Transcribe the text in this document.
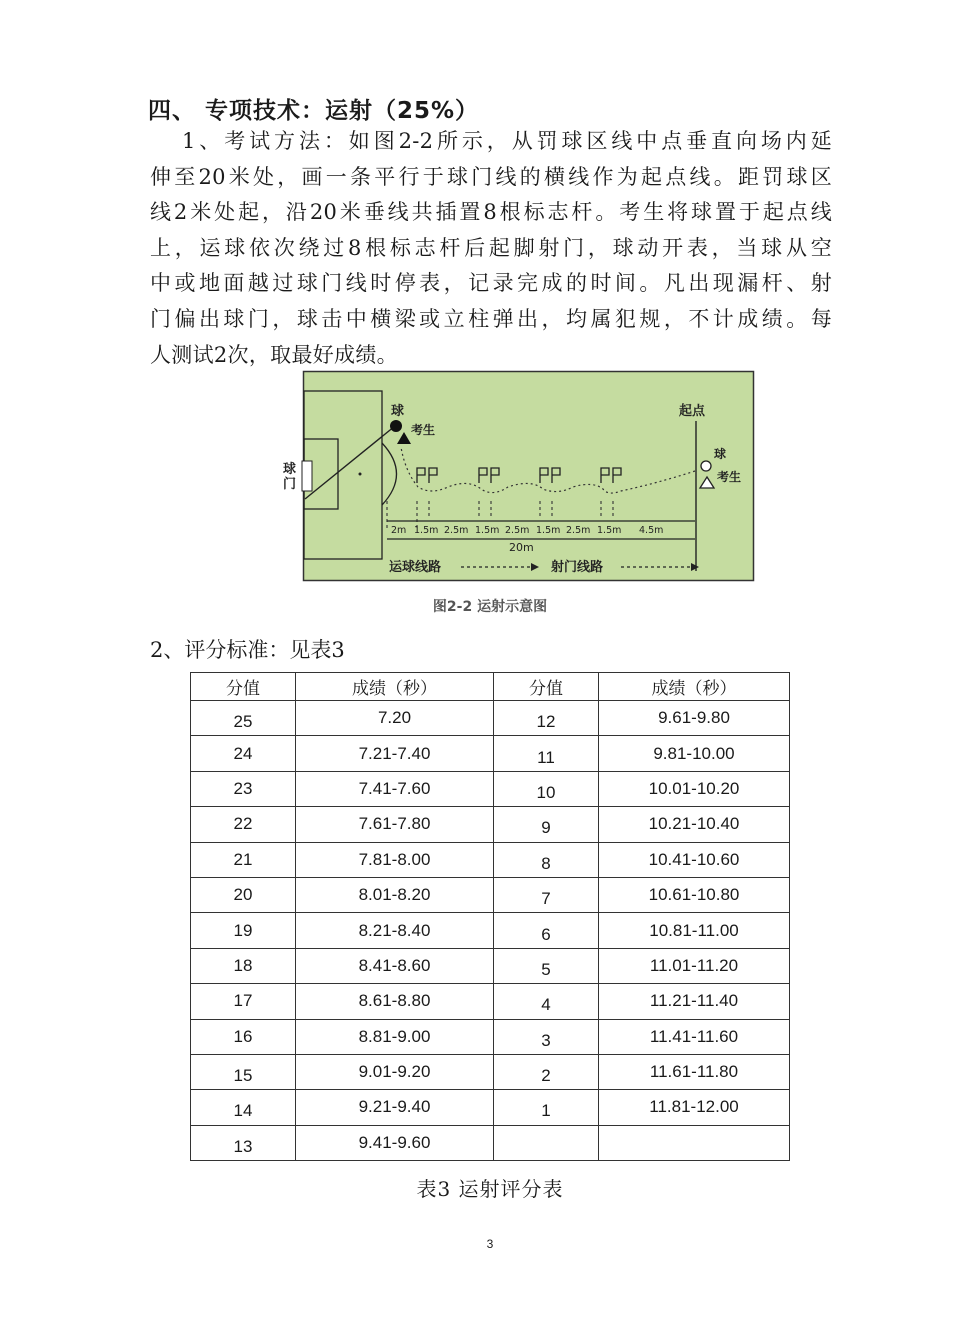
四、 专项技术：运射（25%）
1、考试方法：如图2-2所示，从罚球区线中点垂直向场内延
伸至20米处，画一条平行于球门线的横线作为起点线。距罚球区
线2米处起，沿20米垂线共插置8根标志杆。考生将球置于起点线
上，运球依次绕过8根标志杆后起脚射门，球动开表，当球从空
中或地面越过球门线时停表，记录完成的时间。凡出现漏杆、射
门偏出球门，球击中横梁或立柱弹出，均属犯规，不计成绩。每
人测试2次，取最好成绩。
球
门
球
考生
起点
球
考生
2m 1.5m 2.5m 1.5m 2.5m 1.5m 2.5m 1.5m 4.5m
20m
运球线路	射门线路
图2-2 运射示意图
2、评分标准：见表3
分值	成绩（秒）	分值	成绩（秒）
25	7.20	12	9.61-9.80
24	7.21-7.40	11	9.81-10.00
23	7.41-7.60	10	10.01-10.20
22	7.61-7.80	9	10.21-10.40
21	7.81-8.00	8	10.41-10.60
20	8.01-8.20	7	10.61-10.80
19	8.21-8.40	6	10.81-11.00
18	8.41-8.60	5	11.01-11.20
17	8.61-8.80	4	11.21-11.40
16	8.81-9.00	3	11.41-11.60
15	9.01-9.20	2	11.61-11.80
14	9.21-9.40	1	11.81-12.00
13	9.41-9.60		
表3 运射评分表
3
